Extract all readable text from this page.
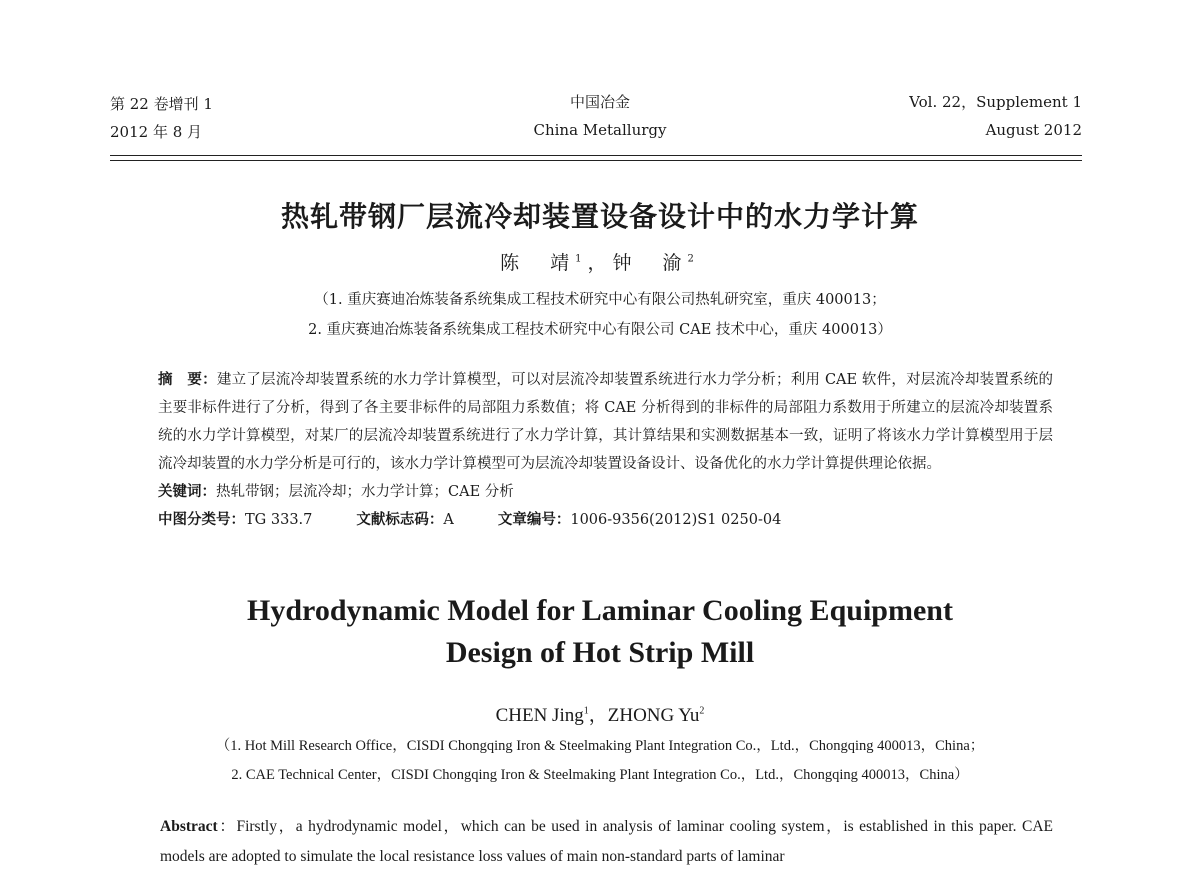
第 22 卷增刊 1
2012 年 8 月
中国冶金
China Metallurgy
Vol. 22，Supplement 1
August 2012
热轧带钢厂层流冷却装置设备设计中的水力学计算
陈　靖$^1$，钟　渝$^2$
（1. 重庆赛迪冶炼装备系统集成工程技术研究中心有限公司热轧研究室，重庆 400013；
2. 重庆赛迪冶炼装备系统集成工程技术研究中心有限公司 CAE 技术中心，重庆 400013）
摘　要：建立了层流冷却装置系统的水力学计算模型，可以对层流冷却装置系统进行水力学分析；利用 CAE 软件，对层流冷却装置系统的主要非标件进行了分析，得到了各主要非标件的局部阻力系数值；将 CAE 分析得到的非标件的局部阻力系数用于所建立的层流冷却装置系统的水力学计算模型，对某厂的层流冷却装置系统进行了水力学计算，其计算结果和实测数据基本一致，证明了将该水力学计算模型用于层流冷却装置的水力学分析是可行的，该水力学计算模型可为层流冷却装置设备设计、设备优化的水力学计算提供理论依据。
关键词：热轧带钢；层流冷却；水力学计算；CAE 分析
中图分类号：TG 333.7	文献标志码：A	文章编号：1006-9356(2012)S1 0250-04
Hydrodynamic Model for Laminar Cooling Equipment
Design of Hot Strip Mill
CHEN Jing$^1$，ZHONG Yu$^2$
（1. Hot Mill Research Office，CISDI Chongqing Iron & Steelmaking Plant Integration Co.，Ltd.，Chongqing 400013，China；
2. CAE Technical Center，CISDI Chongqing Iron & Steelmaking Plant Integration Co.，Ltd.，Chongqing 400013，China）
Abstract：Firstly，a hydrodynamic model，which can be used in analysis of laminar cooling system，is established in this paper. CAE models are adopted to simulate the local resistance loss values of main non-standard parts of laminar
